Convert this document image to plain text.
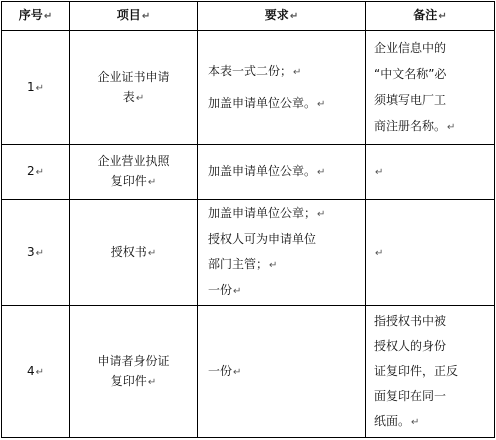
序号↵	项目↵	要求↵	备注↵
1↵	企业证书申请
表↵	本表一式二份；↵
加盖申请单位公章。↵	企业信息中的
“中文名称”必
须填写电厂工
商注册名称。↵

2↵	企业营业执照
复印件↵	加盖申请单位公章。↵	↵
3↵	授权书↵	加盖申请单位公章；↵
授权人可为申请单位
部门主管；↵
一份↵	↵
4↵	申请者身份证
复印件↵	一份↵	指授权书中被
授权人的身份
证复印件，正反
面复印在同一
纸面。↵
